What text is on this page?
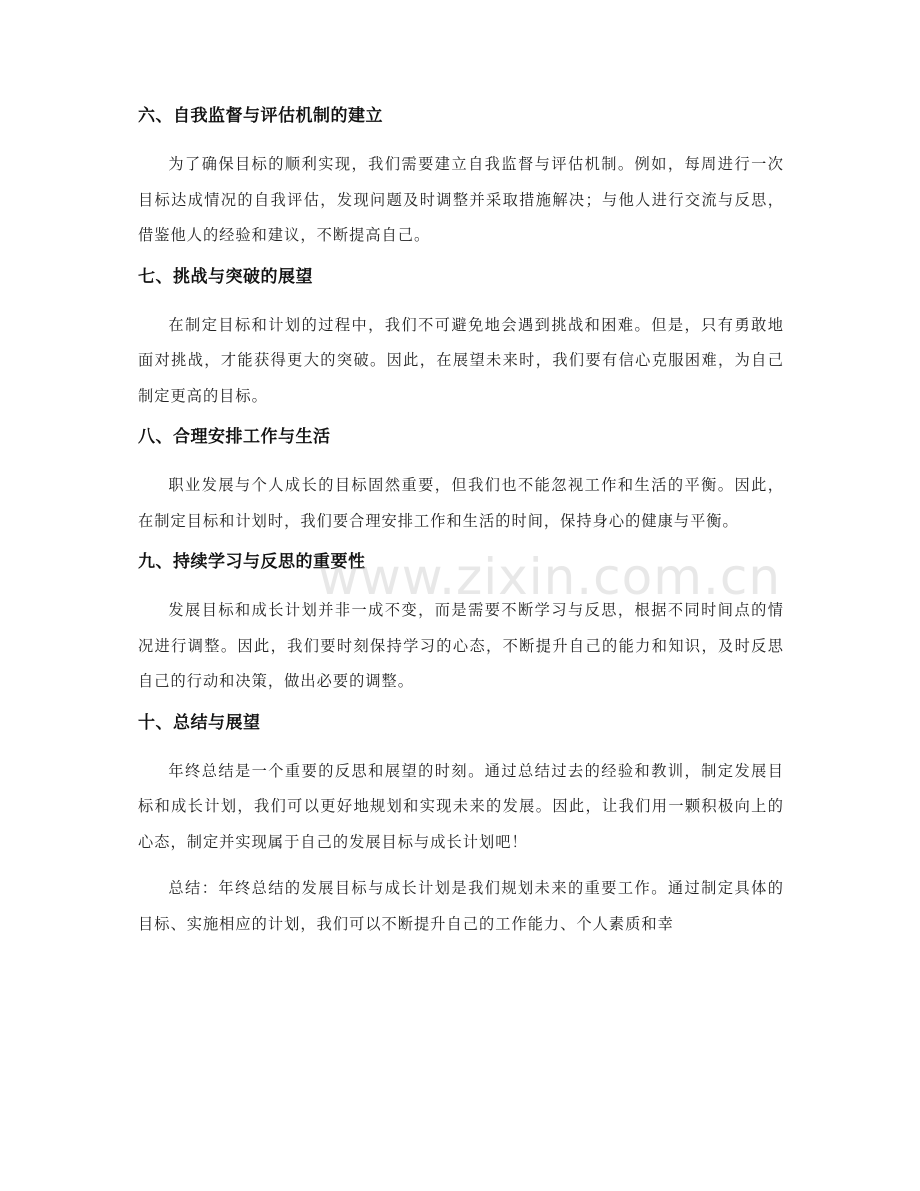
六、自我监督与评估机制的建立

为了确保目标的顺利实现，我们需要建立自我监督与评估机制。例如，每周进行一次目标达成情况的自我评估，发现问题及时调整并采取措施解决；与他人进行交流与反思，借鉴他人的经验和建议，不断提高自己。

七、挑战与突破的展望

在制定目标和计划的过程中，我们不可避免地会遇到挑战和困难。但是，只有勇敢地面对挑战，才能获得更大的突破。因此，在展望未来时，我们要有信心克服困难，为自己制定更高的目标。

八、合理安排工作与生活

职业发展与个人成长的目标固然重要，但我们也不能忽视工作和生活的平衡。因此，在制定目标和计划时，我们要合理安排工作和生活的时间，保持身心的健康与平衡。

九、持续学习与反思的重要性

发展目标和成长计划并非一成不变，而是需要不断学习与反思，根据不同时间点的情况进行调整。因此，我们要时刻保持学习的心态，不断提升自己的能力和知识，及时反思自己的行动和决策，做出必要的调整。

十、总结与展望

年终总结是一个重要的反思和展望的时刻。通过总结过去的经验和教训，制定发展目标和成长计划，我们可以更好地规划和实现未来的发展。因此，让我们用一颗积极向上的心态，制定并实现属于自己的发展目标与成长计划吧！

总结：年终总结的发展目标与成长计划是我们规划未来的重要工作。通过制定具体的目标、实施相应的计划，我们可以不断提升自己的工作能力、个人素质和幸

www.zixin.com.cn
